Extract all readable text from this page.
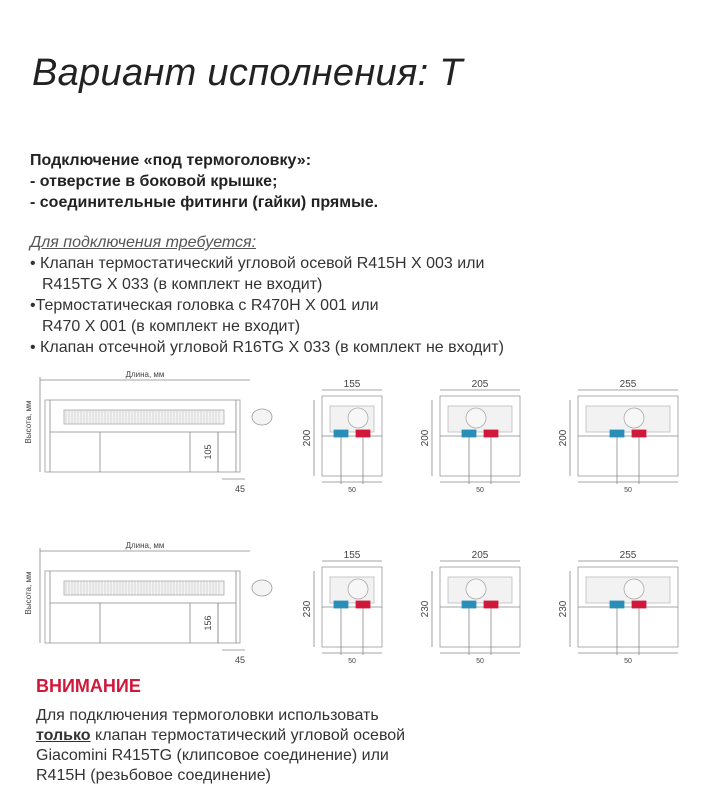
Вариант исполнения: Т
Подключение «под термоголовку»:
- отверстие в боковой крышке;
- соединительные фитинги (гайки) прямые.
Для подключения требуется:
• Клапан термостатический угловой осевой R415H X 003 или
R415TG X 033 (в комплект не входит)
•Термостатическая головка с R470H X 001 или
R470 X 001 (в комплект не входит)
• Клапан отсечной угловой R16TG X 033 (в комплект не входит)
Длина, мм
Высота, мм
105
45
155
200
50
205
200
50
255
200
50
Длина, мм
Высота, мм
156
45
155
230
50
205
230
50
255
230
50
ВНИМАНИЕ
Для подключения термоголовки использовать
только клапан термостатический угловой осевой
Giacomini R415TG (клипсовое соединение) или
R415H (резьбовое соединение)
